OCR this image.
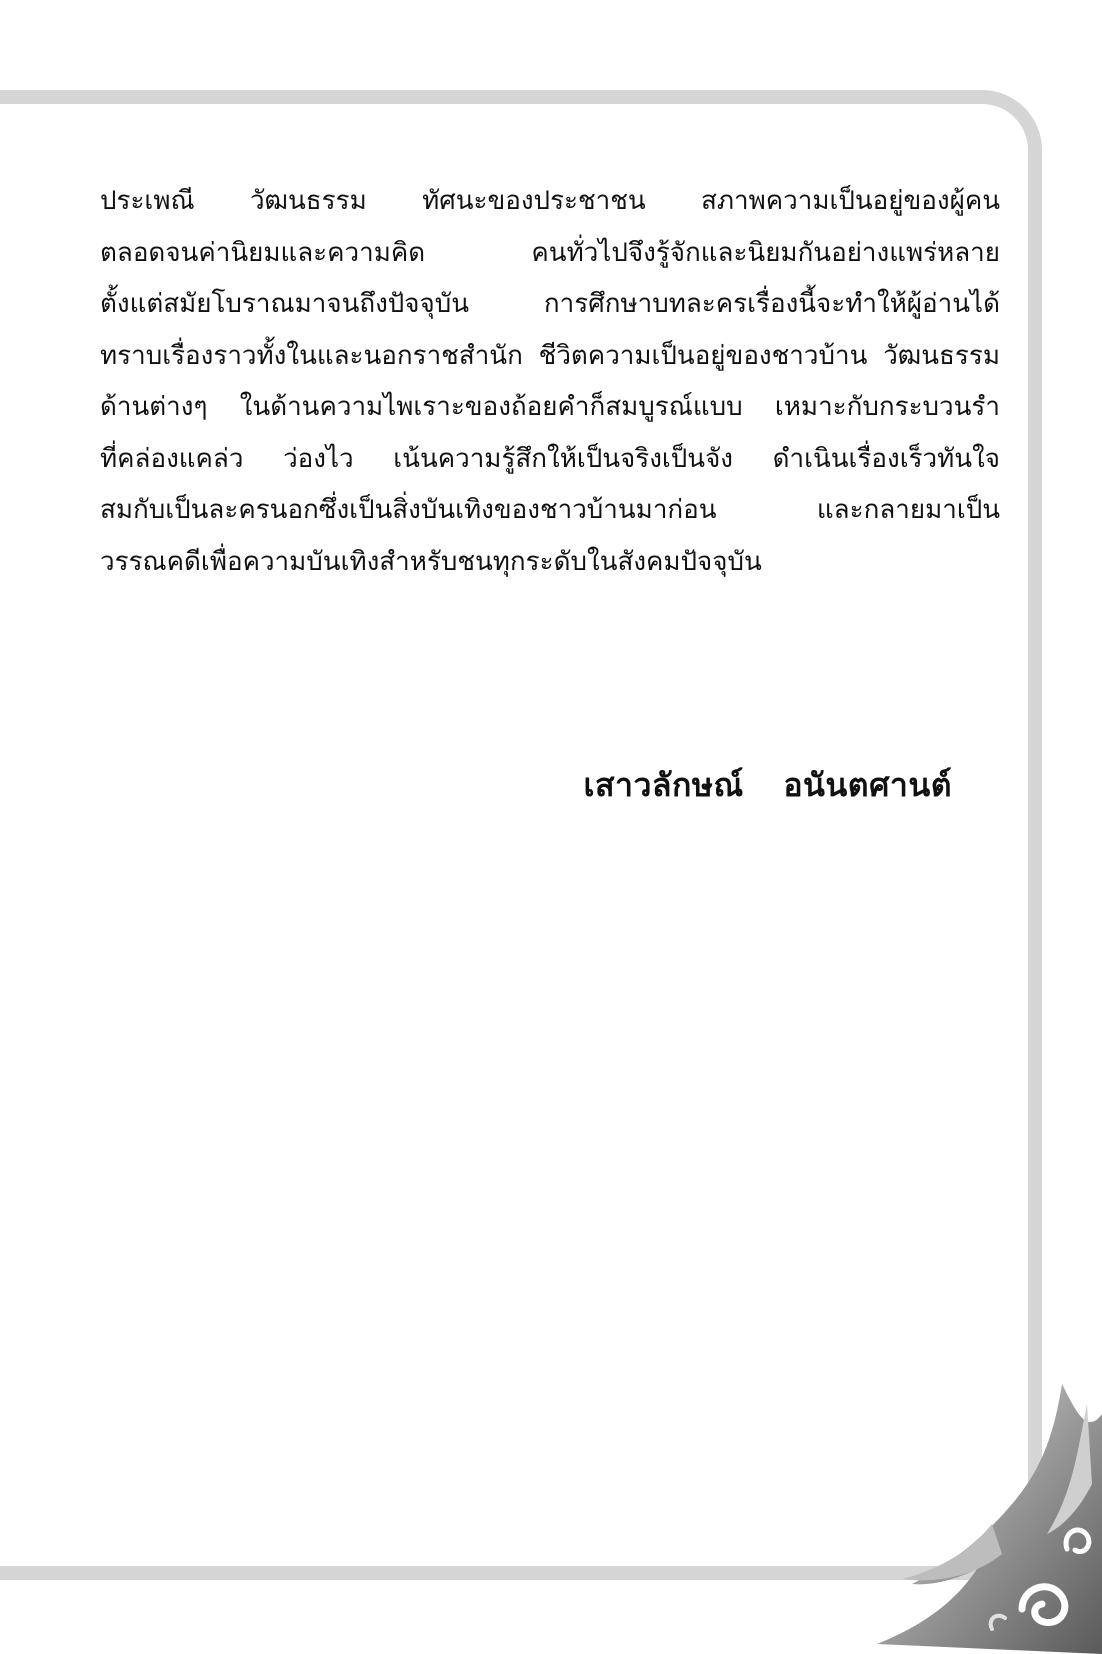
ประเพณี วัฒนธรรม ทัศนะของประชาชน สภาพความเป็นอยู่ของผู้คน
ตลอดจนค่านิยมและความคิด คนทั่วไปจึงรู้จักและนิยมกันอย่างแพร่หลาย
ตั้งแต่สมัยโบราณมาจนถึงปัจจุบัน การศึกษาบทละครเรื่องนี้จะทำให้ผู้อ่านได้
ทราบเรื่องราวทั้งในและนอกราชสำนัก ชีวิตความเป็นอยู่ของชาวบ้าน วัฒนธรรม
ด้านต่างๆ ในด้านความไพเราะของถ้อยคำก็สมบูรณ์แบบ เหมาะกับกระบวนรำ
ที่คล่องแคล่ว ว่องไว เน้นความรู้สึกให้เป็นจริงเป็นจัง ดำเนินเรื่องเร็วทันใจ
สมกับเป็นละครนอกซึ่งเป็นสิ่งบันเทิงของชาวบ้านมาก่อน และกลายมาเป็น
วรรณคดีเพื่อความบันเทิงสำหรับชนทุกระดับในสังคมปัจจุบัน
เสาวลักษณ์ อนันตศานต์
